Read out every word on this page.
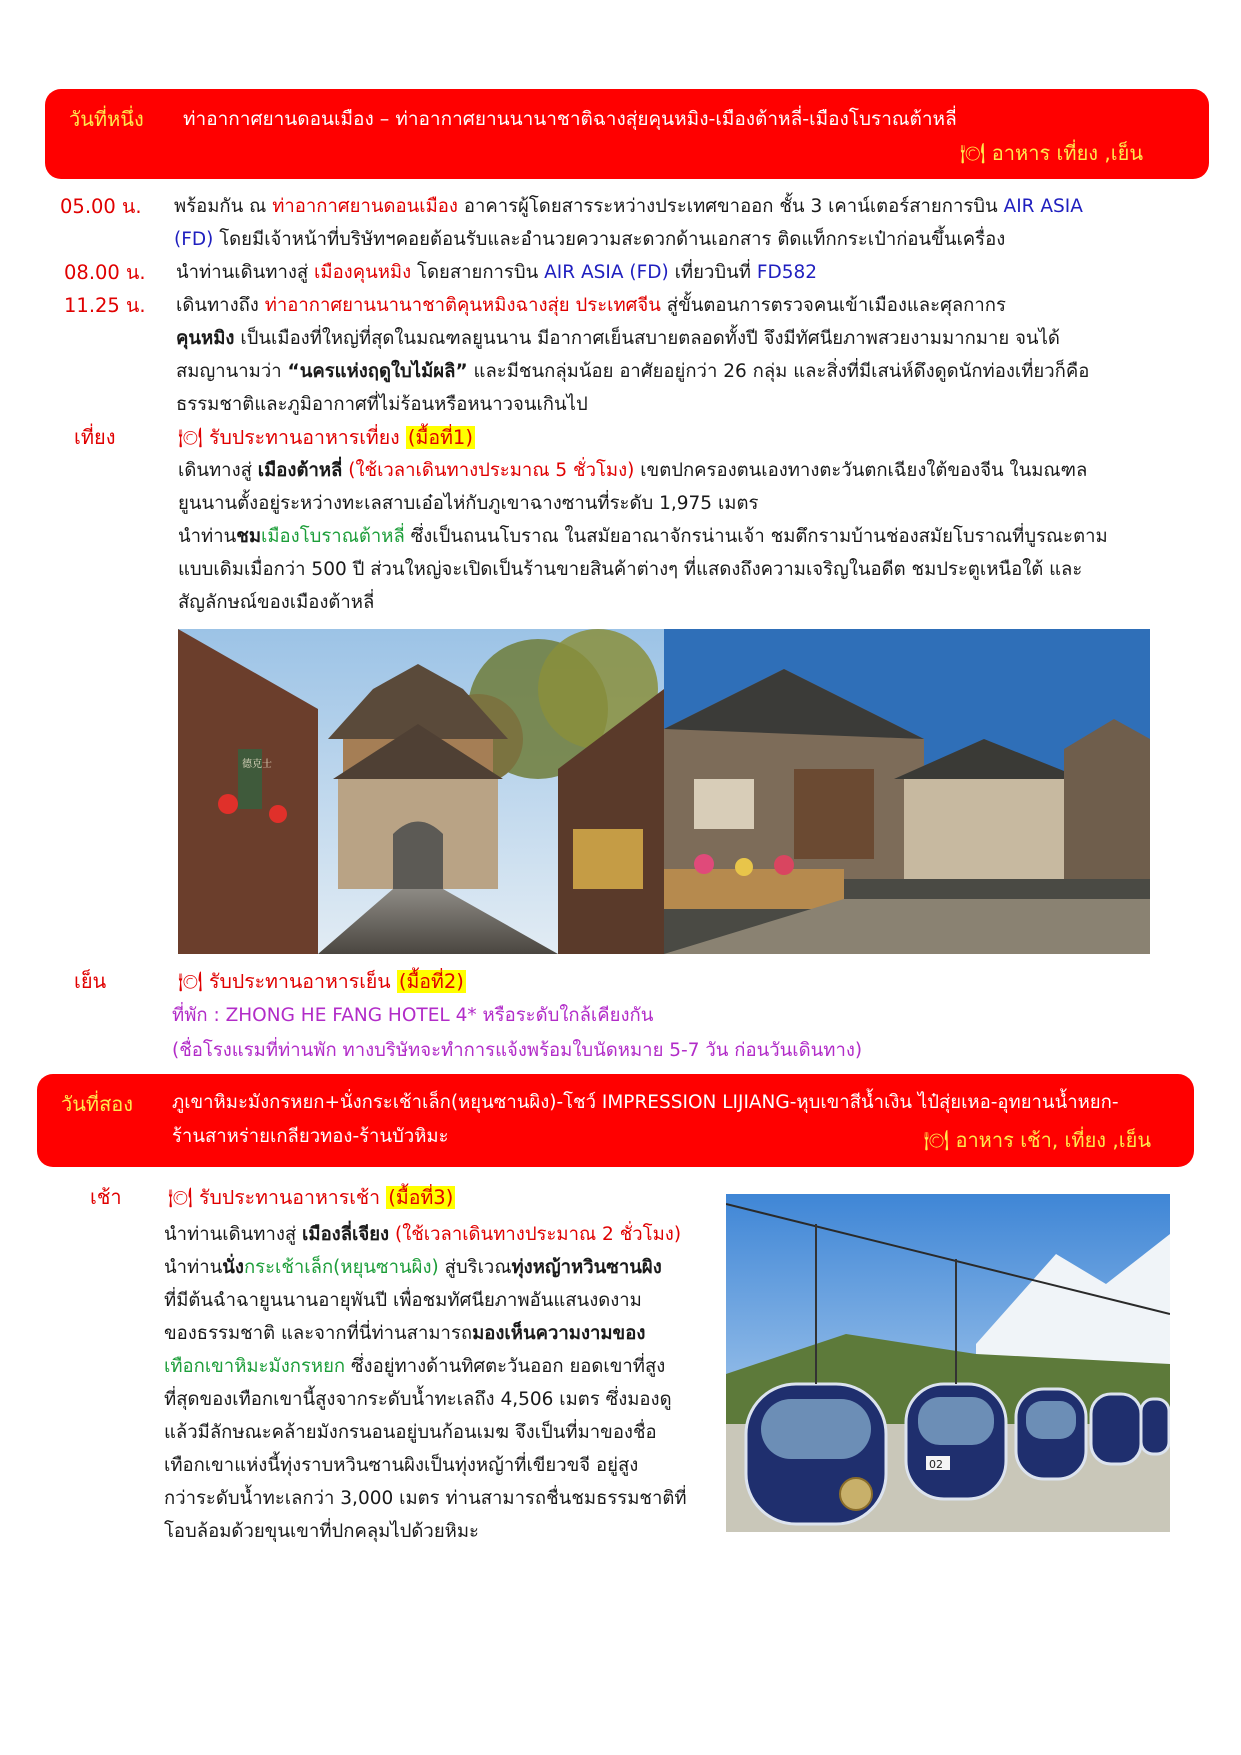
วันที่หนึ่ง ท่าอากาศยานดอนเมือง – ท่าอากาศยานนานาชาติฉางสุ่ยคุนหมิง-เมืองต้าหลี่-เมืองโบราณต้าหลี่
🍽 อาหาร เที่ยง ,เย็น
05.00 น. พร้อมกัน ณ ท่าอากาศยานดอนเมือง อาคารผู้โดยสารระหว่างประเทศขาออก ชั้น 3 เคาน์เตอร์สายการบิน AIR ASIA
(FD) โดยมีเจ้าหน้าที่บริษัทฯคอยต้อนรับและอำนวยความสะดวกด้านเอกสาร ติดแท็กกระเป๋าก่อนขึ้นเครื่อง
08.00 น. นำท่านเดินทางสู่ เมืองคุนหมิง โดยสายการบิน AIR ASIA (FD) เที่ยวบินที่ FD582
11.25 น. เดินทางถึง ท่าอากาศยานนานาชาติคุนหมิงฉางสุ่ย ประเทศจีน สู่ขั้นตอนการตรวจคนเข้าเมืองและศุลกากร
คุนหมิง เป็นเมืองที่ใหญ่ที่สุดในมณฑลยูนนาน มีอากาศเย็นสบายตลอดทั้งปี จึงมีทัศนียภาพสวยงามมากมาย จนได้
สมญานามว่า “นครแห่งฤดูใบไม้ผลิ” และมีชนกลุ่มน้อย อาศัยอยู่กว่า 26 กลุ่ม และสิ่งที่มีเสน่ห์ดึงดูดนักท่องเที่ยวก็คือ
ธรรมชาติและภูมิอากาศที่ไม่ร้อนหรือหนาวจนเกินไป
เที่ยง	🍽 รับประทานอาหารเที่ยง (มื้อที่1)
เดินทางสู่ เมืองต้าหลี่ (ใช้เวลาเดินทางประมาณ 5 ชั่วโมง) เขตปกครองตนเองทางตะวันตกเฉียงใต้ของจีน ในมณฑล
ยูนนานตั้งอยู่ระหว่างทะเลสาบเอ๋อไห่กับภูเขาฉางซานที่ระดับ 1,975 เมตร
นำท่านชมเมืองโบราณต้าหลี่ ซึ่งเป็นถนนโบราณ ในสมัยอาณาจักรน่านเจ้า ชมตึกรามบ้านช่องสมัยโบราณที่บูรณะตาม
แบบเดิมเมื่อกว่า 500 ปี ส่วนใหญ่จะเปิดเป็นร้านขายสินค้าต่างๆ ที่แสดงถึงความเจริญในอดีต ชมประตูเหนือใต้ และ
สัญลักษณ์ของเมืองต้าหลี่
德克士
เย็น	🍽 รับประทานอาหารเย็น (มื้อที่2)
ที่พัก : ZHONG HE FANG HOTEL 4* หรือระดับใกล้เคียงกัน
(ชื่อโรงแรมที่ท่านพัก ทางบริษัทจะทำการแจ้งพร้อมใบนัดหมาย 5-7 วัน ก่อนวันเดินทาง)
วันที่สอง ภูเขาหิมะมังกรหยก+นั่งกระเช้าเล็ก(หยุนซานผิง)-โชว์ IMPRESSION LIJIANG-หุบเขาสีน้ำเงิน ไป๋สุ่ยเหอ-อุทยานน้ำหยก-
ร้านสาหร่ายเกลียวทอง-ร้านบัวหิมะ	🍽 อาหาร เช้า, เที่ยง ,เย็น
เช้า 🍽 รับประทานอาหารเช้า (มื้อที่3)
นำท่านเดินทางสู่ เมืองลี่เจียง (ใช้เวลาเดินทางประมาณ 2 ชั่วโมง)
นำท่านนั่งกระเช้าเล็ก(หยุนซานผิง) สู่บริเวณทุ่งหญ้าหวินซานผิง
ที่มีต้นฉำฉายูนนานอายุพันปี เพื่อชมทัศนียภาพอันแสนงดงาม
ของธรรมชาติ และจากที่นี่ท่านสามารถมองเห็นความงามของ
เทือกเขาหิมะมังกรหยก ซึ่งอยู่ทางด้านทิศตะวันออก ยอดเขาที่สูง
ที่สุดของเทือกเขานี้สูงจากระดับน้ำทะเลถึง 4,506 เมตร ซึ่งมองดู
แล้วมีลักษณะคล้ายมังกรนอนอยู่บนก้อนเมฆ จึงเป็นที่มาของชื่อ
เทือกเขาแห่งนี้ทุ่งราบหวินซานผิงเป็นทุ่งหญ้าที่เขียวขจี อยู่สูง
กว่าระดับน้ำทะเลกว่า 3,000 เมตร ท่านสามารถชื่นชมธรรมชาติที่
โอบล้อมด้วยขุนเขาที่ปกคลุมไปด้วยหิมะ
02
